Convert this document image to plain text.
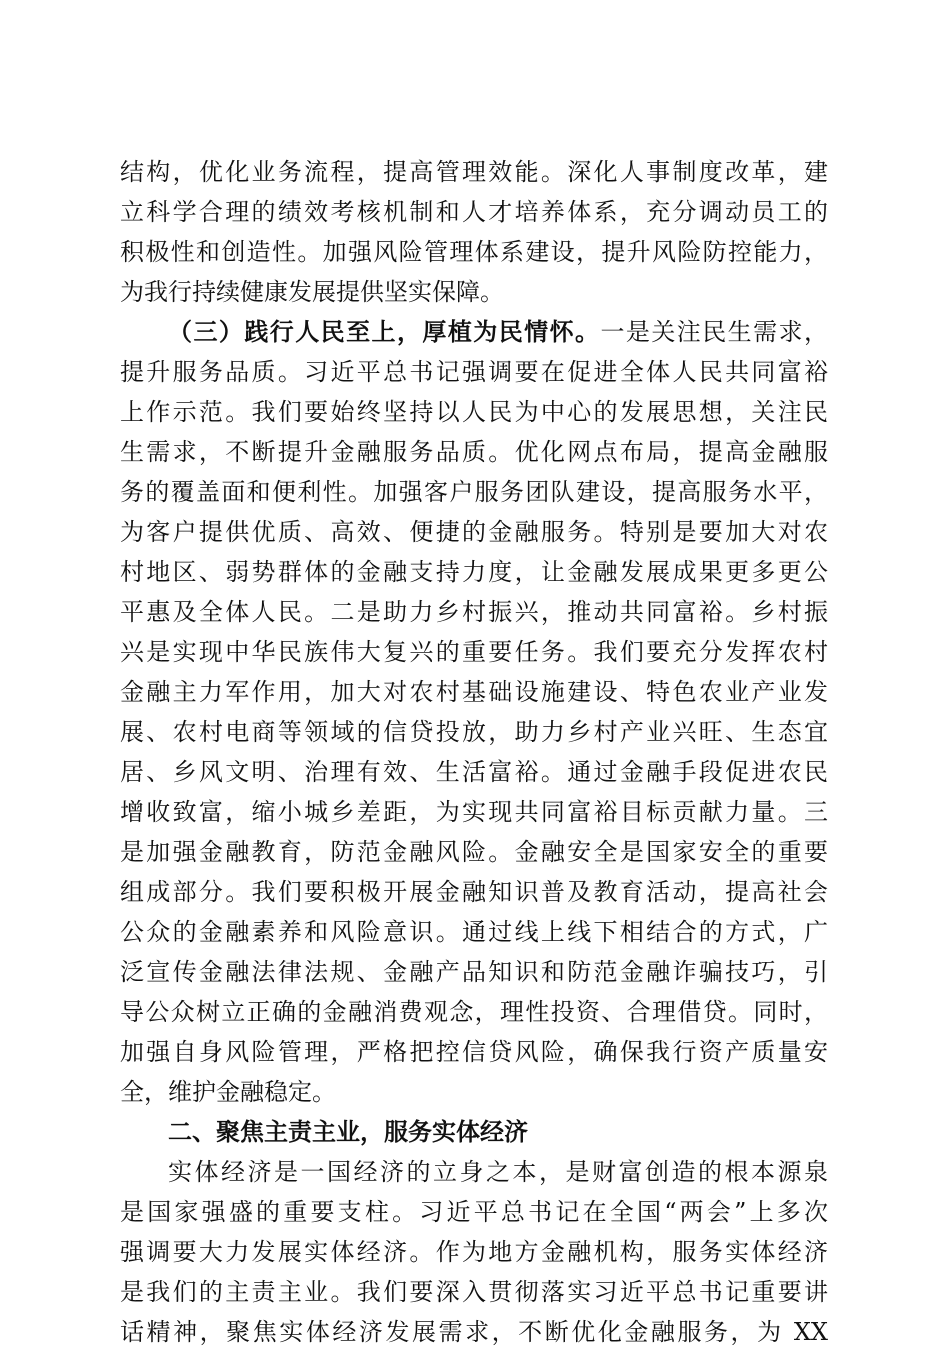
结构，优化业务流程，提高管理效能。深化人事制度改革，建
立科学合理的绩效考核机制和人才培养体系，充分调动员工的
积极性和创造性。加强风险管理体系建设，提升风险防控能力，
为我行持续健康发展提供坚实保障。
（三）践行人民至上，厚植为民情怀。一是关注民生需求，
提升服务品质。习近平总书记强调要在促进全体人民共同富裕
上作示范。我们要始终坚持以人民为中心的发展思想，关注民
生需求，不断提升金融服务品质。优化网点布局，提高金融服
务的覆盖面和便利性。加强客户服务团队建设，提高服务水平，
为客户提供优质、高效、便捷的金融服务。特别是要加大对农
村地区、弱势群体的金融支持力度，让金融发展成果更多更公
平惠及全体人民。二是助力乡村振兴，推动共同富裕。乡村振
兴是实现中华民族伟大复兴的重要任务。我们要充分发挥农村
金融主力军作用，加大对农村基础设施建设、特色农业产业发
展、农村电商等领域的信贷投放，助力乡村产业兴旺、生态宜
居、乡风文明、治理有效、生活富裕。通过金融手段促进农民
增收致富，缩小城乡差距，为实现共同富裕目标贡献力量。三
是加强金融教育，防范金融风险。金融安全是国家安全的重要
组成部分。我们要积极开展金融知识普及教育活动，提高社会
公众的金融素养和风险意识。通过线上线下相结合的方式，广
泛宣传金融法律法规、金融产品知识和防范金融诈骗技巧，引
导公众树立正确的金融消费观念，理性投资、合理借贷。同时，
加强自身风险管理，严格把控信贷风险，确保我行资产质量安
全，维护金融稳定。
二、聚焦主责主业，服务实体经济
实体经济是一国经济的立身之本，是财富创造的根本源泉
是国家强盛的重要支柱。习近平总书记在全国“两会”上多次
强调要大力发展实体经济。作为地方金融机构，服务实体经济
是我们的主责主业。我们要深入贯彻落实习近平总书记重要讲
话精神，聚焦实体经济发展需求，不断优化金融服务，为 XX
